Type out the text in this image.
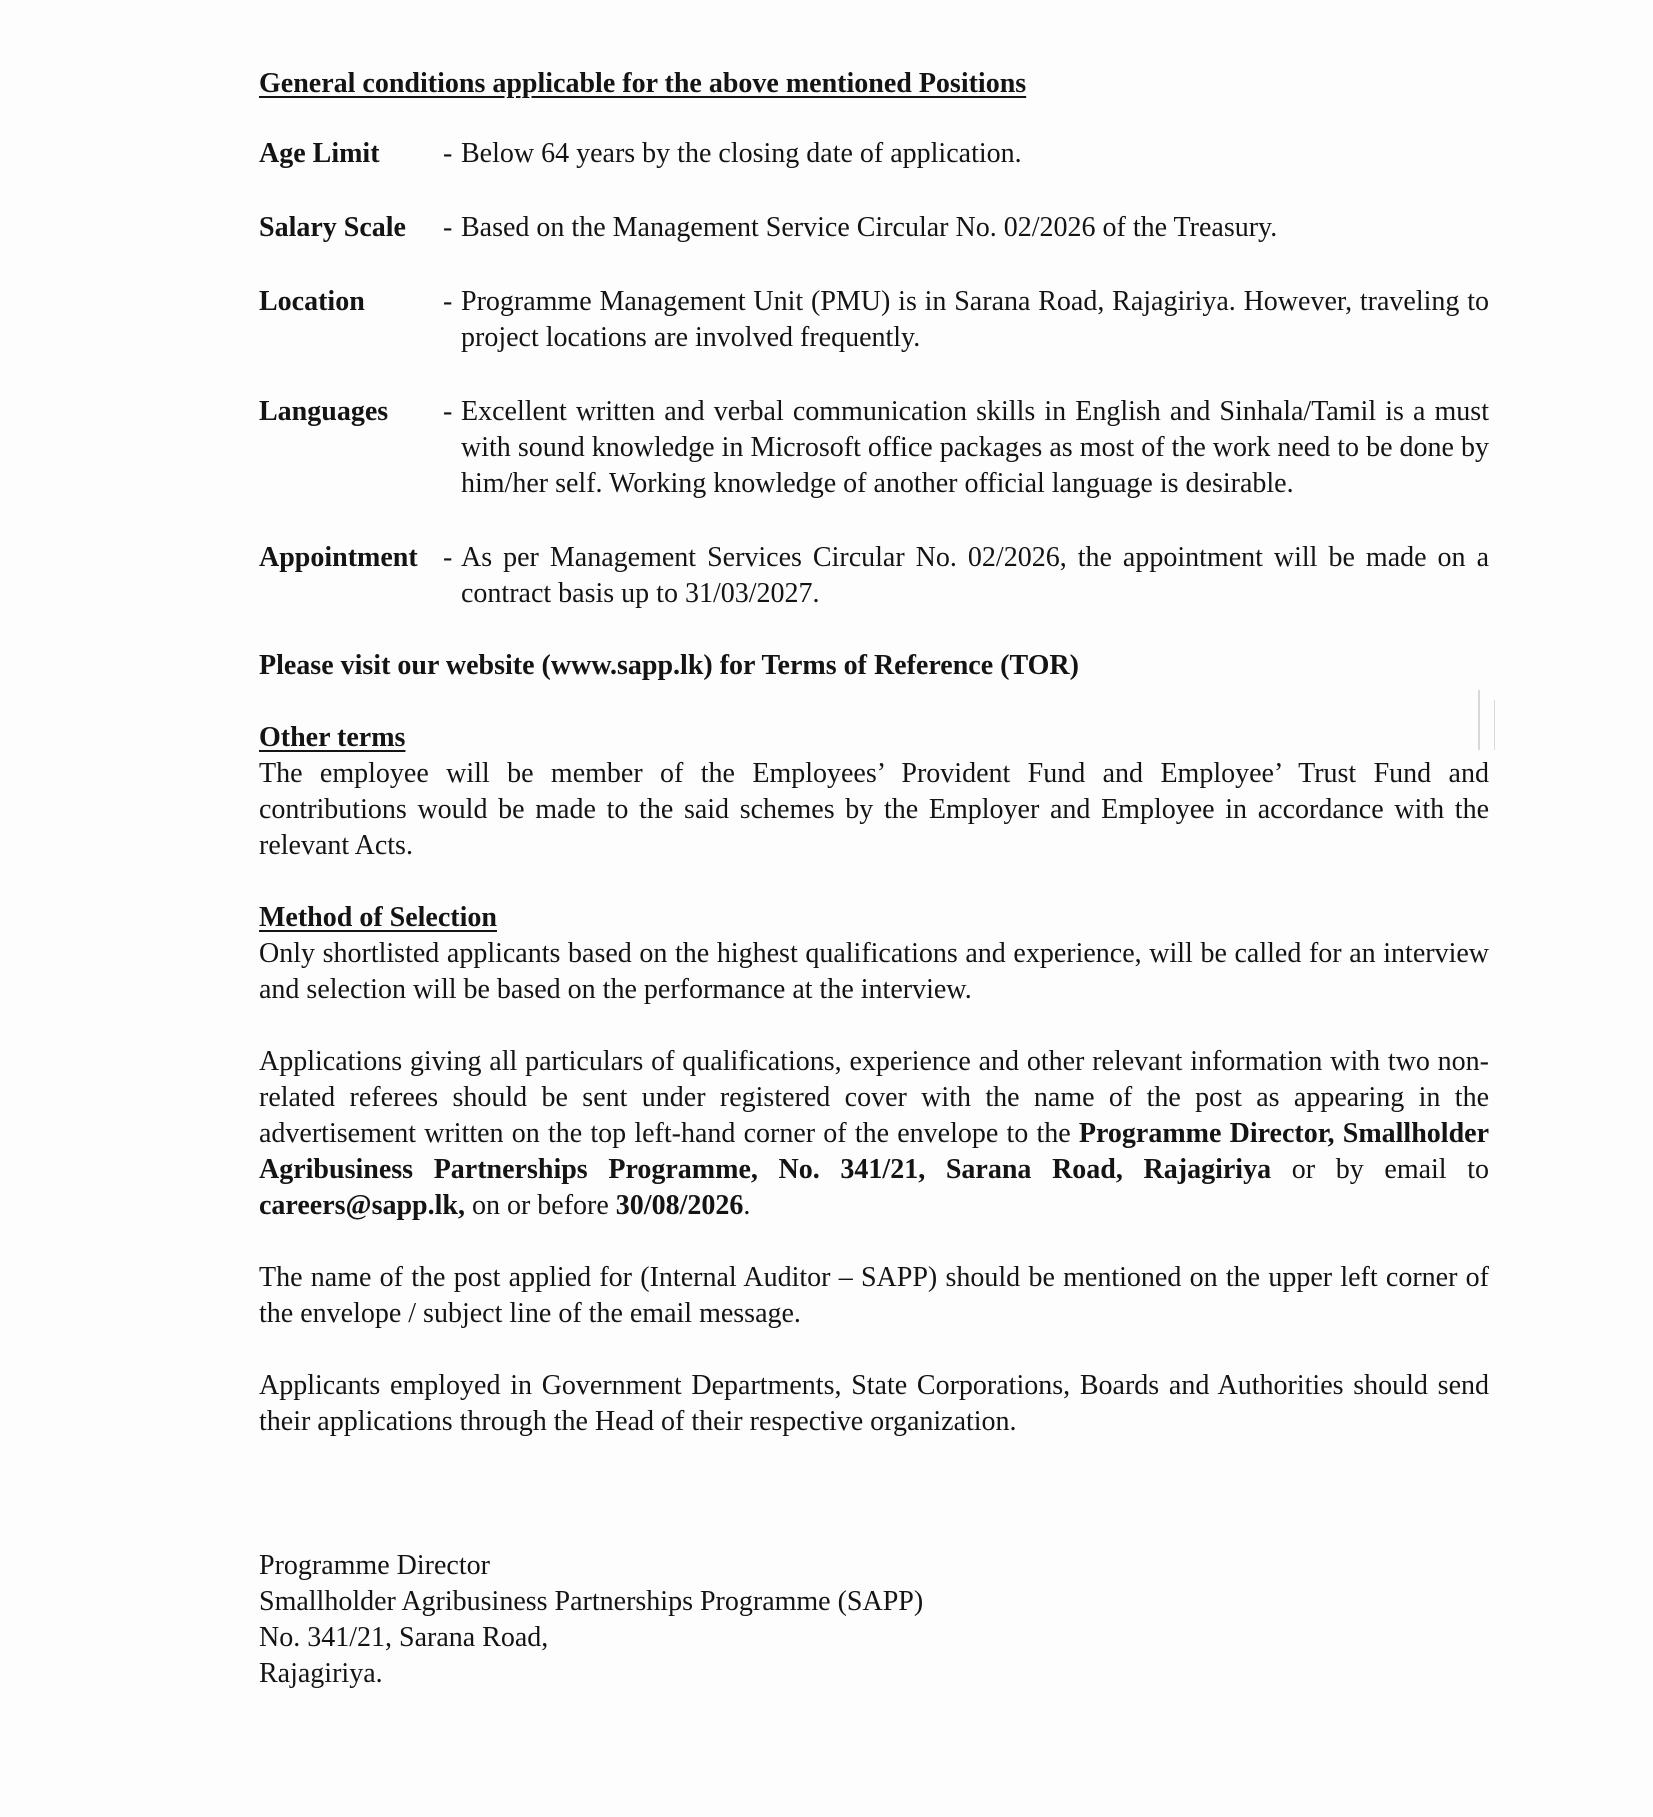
General conditions applicable for the above mentioned Positions
Age Limit	- Below 64 years by the closing date of application.
Salary Scale	- Based on the Management Service Circular No. 02/2026 of the Treasury.
Location	- Programme Management Unit (PMU) is in Sarana Road, Rajagiriya. However, traveling to project locations are involved frequently.
Languages	- Excellent written and verbal communication skills in English and Sinhala/Tamil is a must with sound knowledge in Microsoft office packages as most of the work need to be done by him/her self. Working knowledge of another official language is desirable.
Appointment - As per Management Services Circular No. 02/2026, the appointment will be made on a contract basis up to 31/03/2027.
Please visit our website (www.sapp.lk) for Terms of Reference (TOR)
Other terms

The employee will be member of the Employees’ Provident Fund and Employee’ Trust Fund and contributions would be made to the said schemes by the Employer and Employee in accordance with the relevant Acts.

Method of Selection

Only shortlisted applicants based on the highest qualifications and experience, will be called for an interview and selection will be based on the performance at the interview.

Applications giving all particulars of qualifications, experience and other relevant information with two non-related referees should be sent under registered cover with the name of the post as appearing in the advertisement written on the top left-hand corner of the envelope to the Programme Director, Smallholder Agribusiness Partnerships Programme, No. 341/21, Sarana Road, Rajagiriya or by email to careers@sapp.lk, on or before 30/08/2026.

The name of the post applied for (Internal Auditor – SAPP) should be mentioned on the upper left corner of the envelope / subject line of the email message.

Applicants employed in Government Departments, State Corporations, Boards and Authorities should send their applications through the Head of their respective organization.

Programme Director
Smallholder Agribusiness Partnerships Programme (SAPP)
No. 341/21, Sarana Road,
Rajagiriya.
